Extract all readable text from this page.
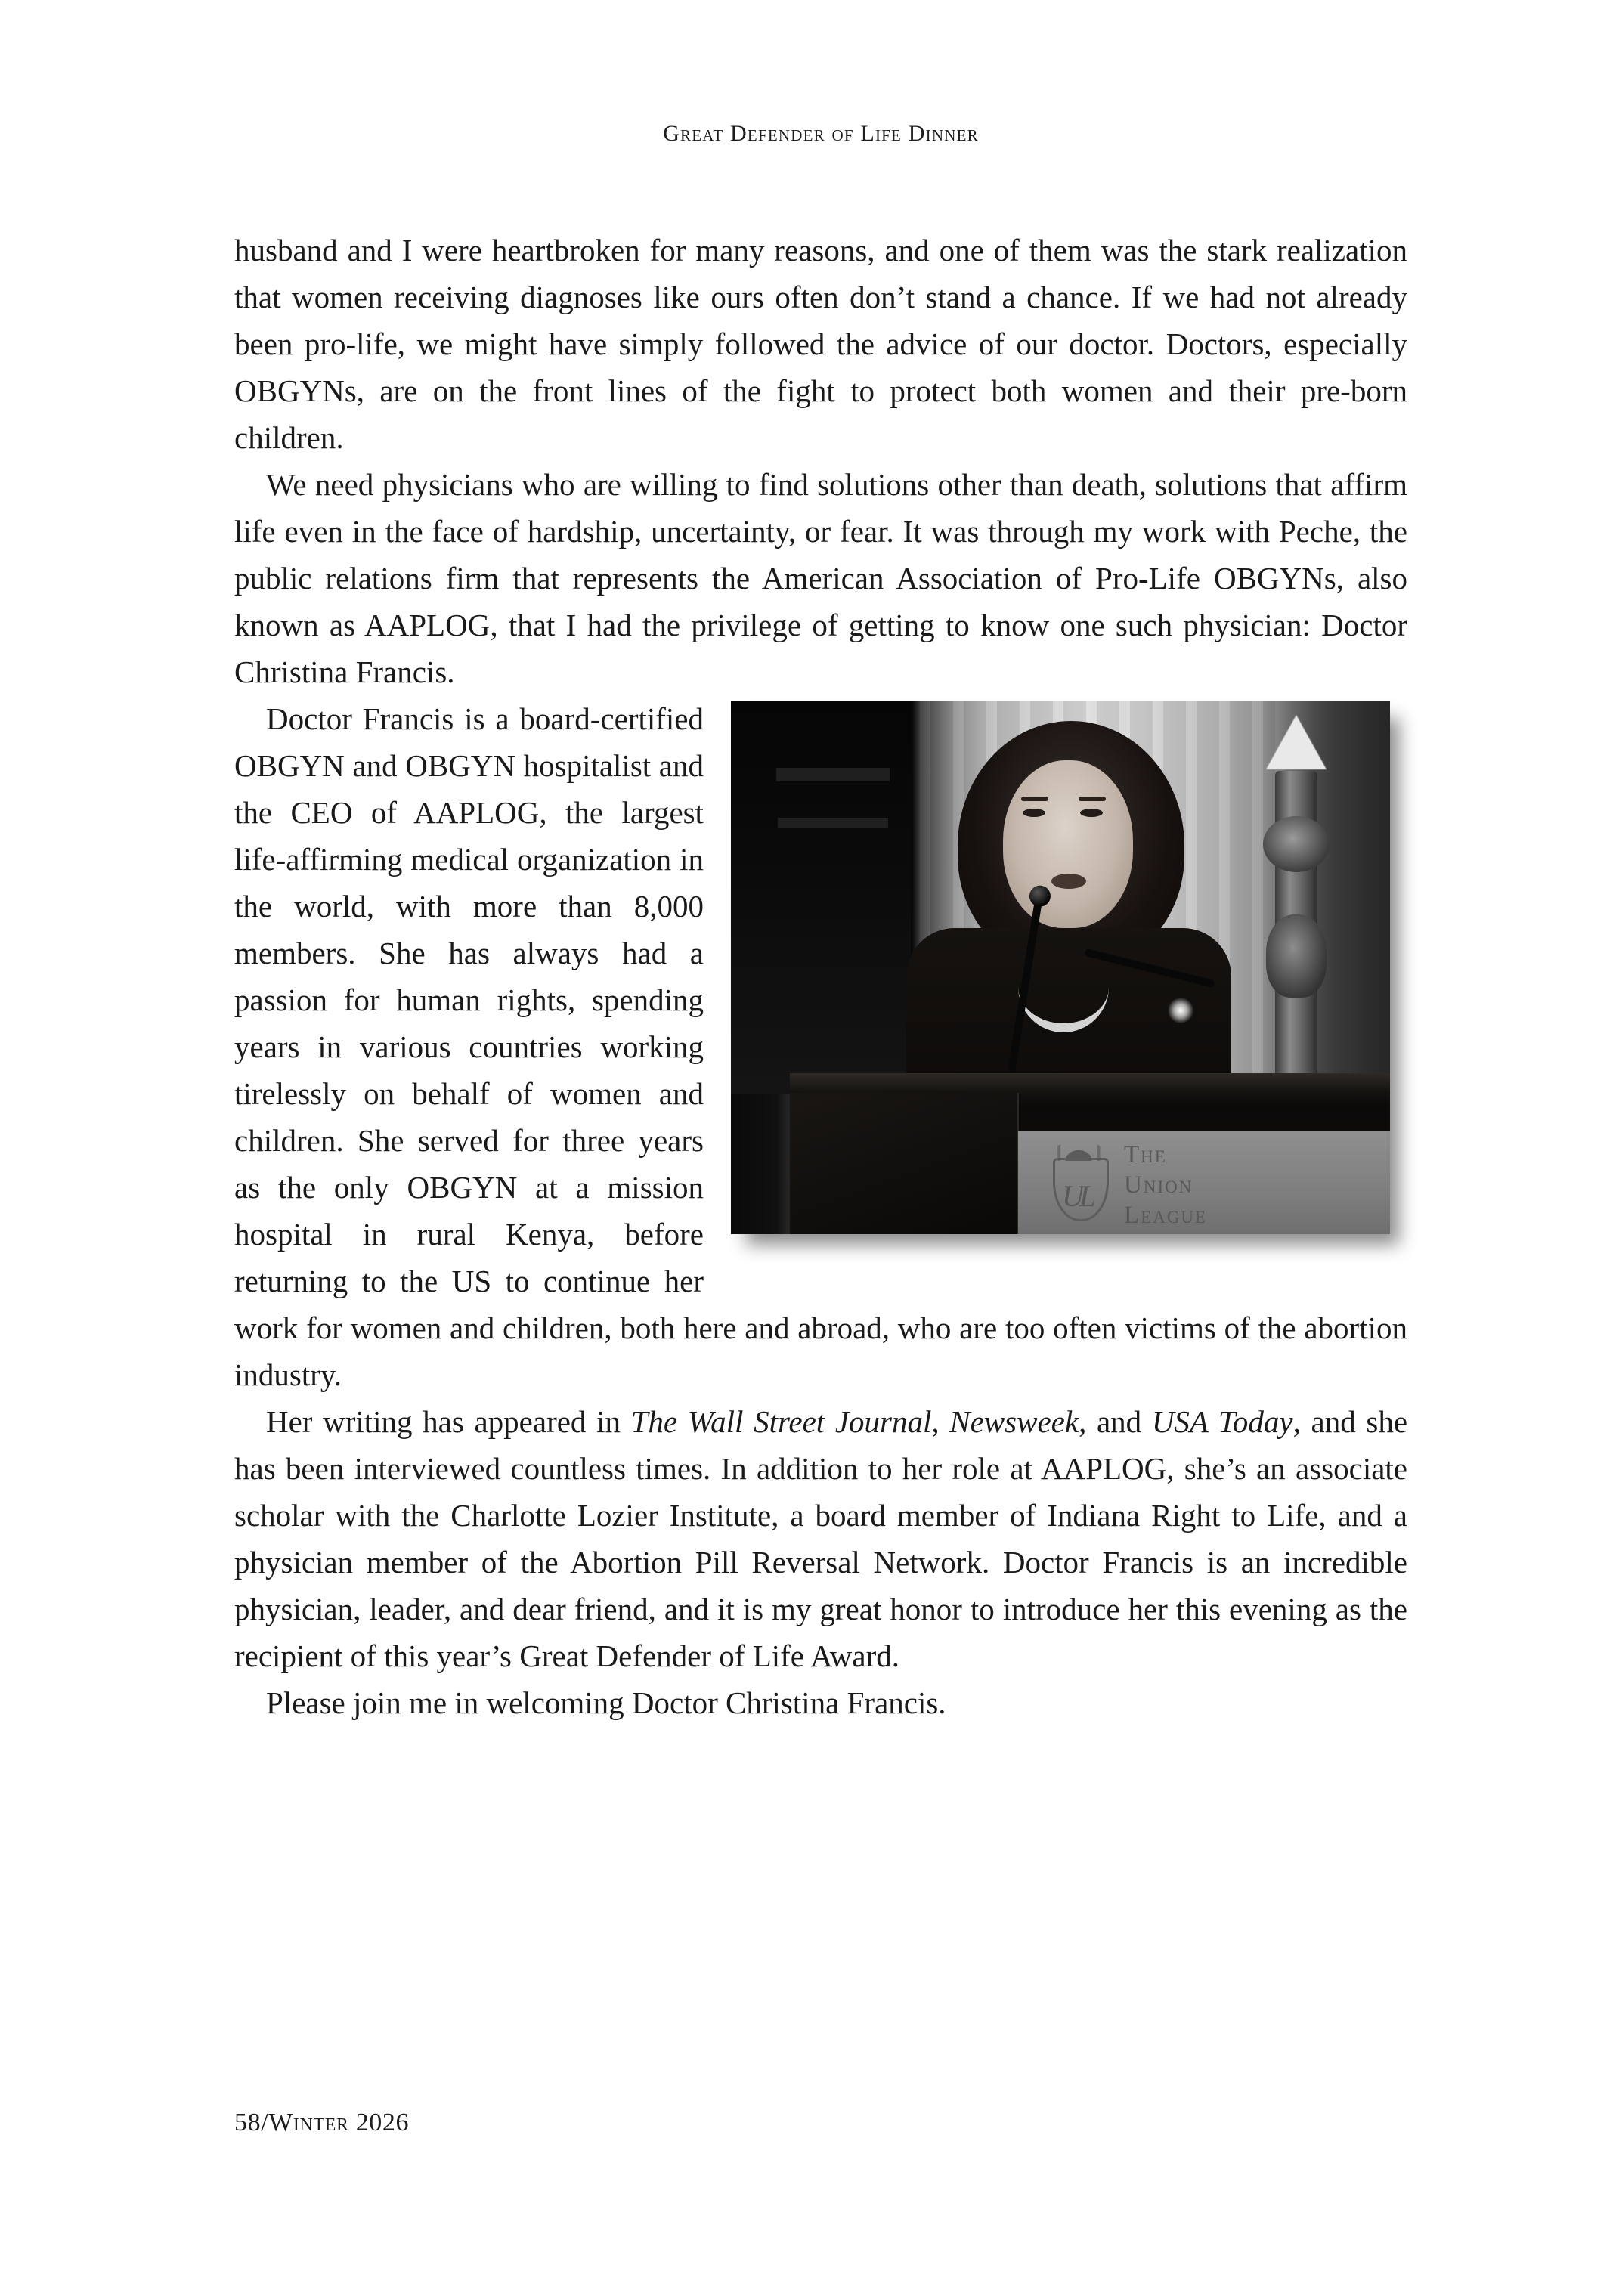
Great Defender of Life Dinner

husband and I were heartbroken for many reasons, and one of them was the stark realization that women receiving diagnoses like ours often don’t stand a chance. If we had not already been pro-life, we might have simply followed the advice of our doctor. Doctors, especially OBGYNs, are on the front lines of the fight to protect both women and their pre-born children.

We need physicians who are willing to find solutions other than death, solutions that affirm life even in the face of hardship, uncertainty, or fear. It was through my work with Peche, the public relations firm that represents the American Association of Pro-Life OBGYNs, also known as AAPLOG, that I had the privilege of getting to know one such physician: Doctor Christina Francis.

UL
The
Union
League

Doctor Francis is a board-certified OBGYN and OBGYN hospitalist and the CEO of AAPLOG, the largest life-affirming medical organization in the world, with more than 8,000 members. She has always had a passion for human rights, spending years in various countries working tirelessly on behalf of women and children. She served for three years as the only OBGYN at a mission hospital in rural Kenya, before returning to the US to continue her work for women and children, both here and abroad, who are too often victims of the abortion industry.

Her writing has appeared in The Wall Street Journal, Newsweek, and USA Today, and she has been interviewed countless times. In addition to her role at AAPLOG, she’s an associate scholar with the Charlotte Lozier Institute, a board member of Indiana Right to Life, and a physician member of the Abortion Pill Reversal Network. Doctor Francis is an incredible physician, leader, and dear friend, and it is my great honor to introduce her this evening as the recipient of this year’s Great Defender of Life Award.

Please join me in welcoming Doctor Christina Francis.

58/Winter 2026
